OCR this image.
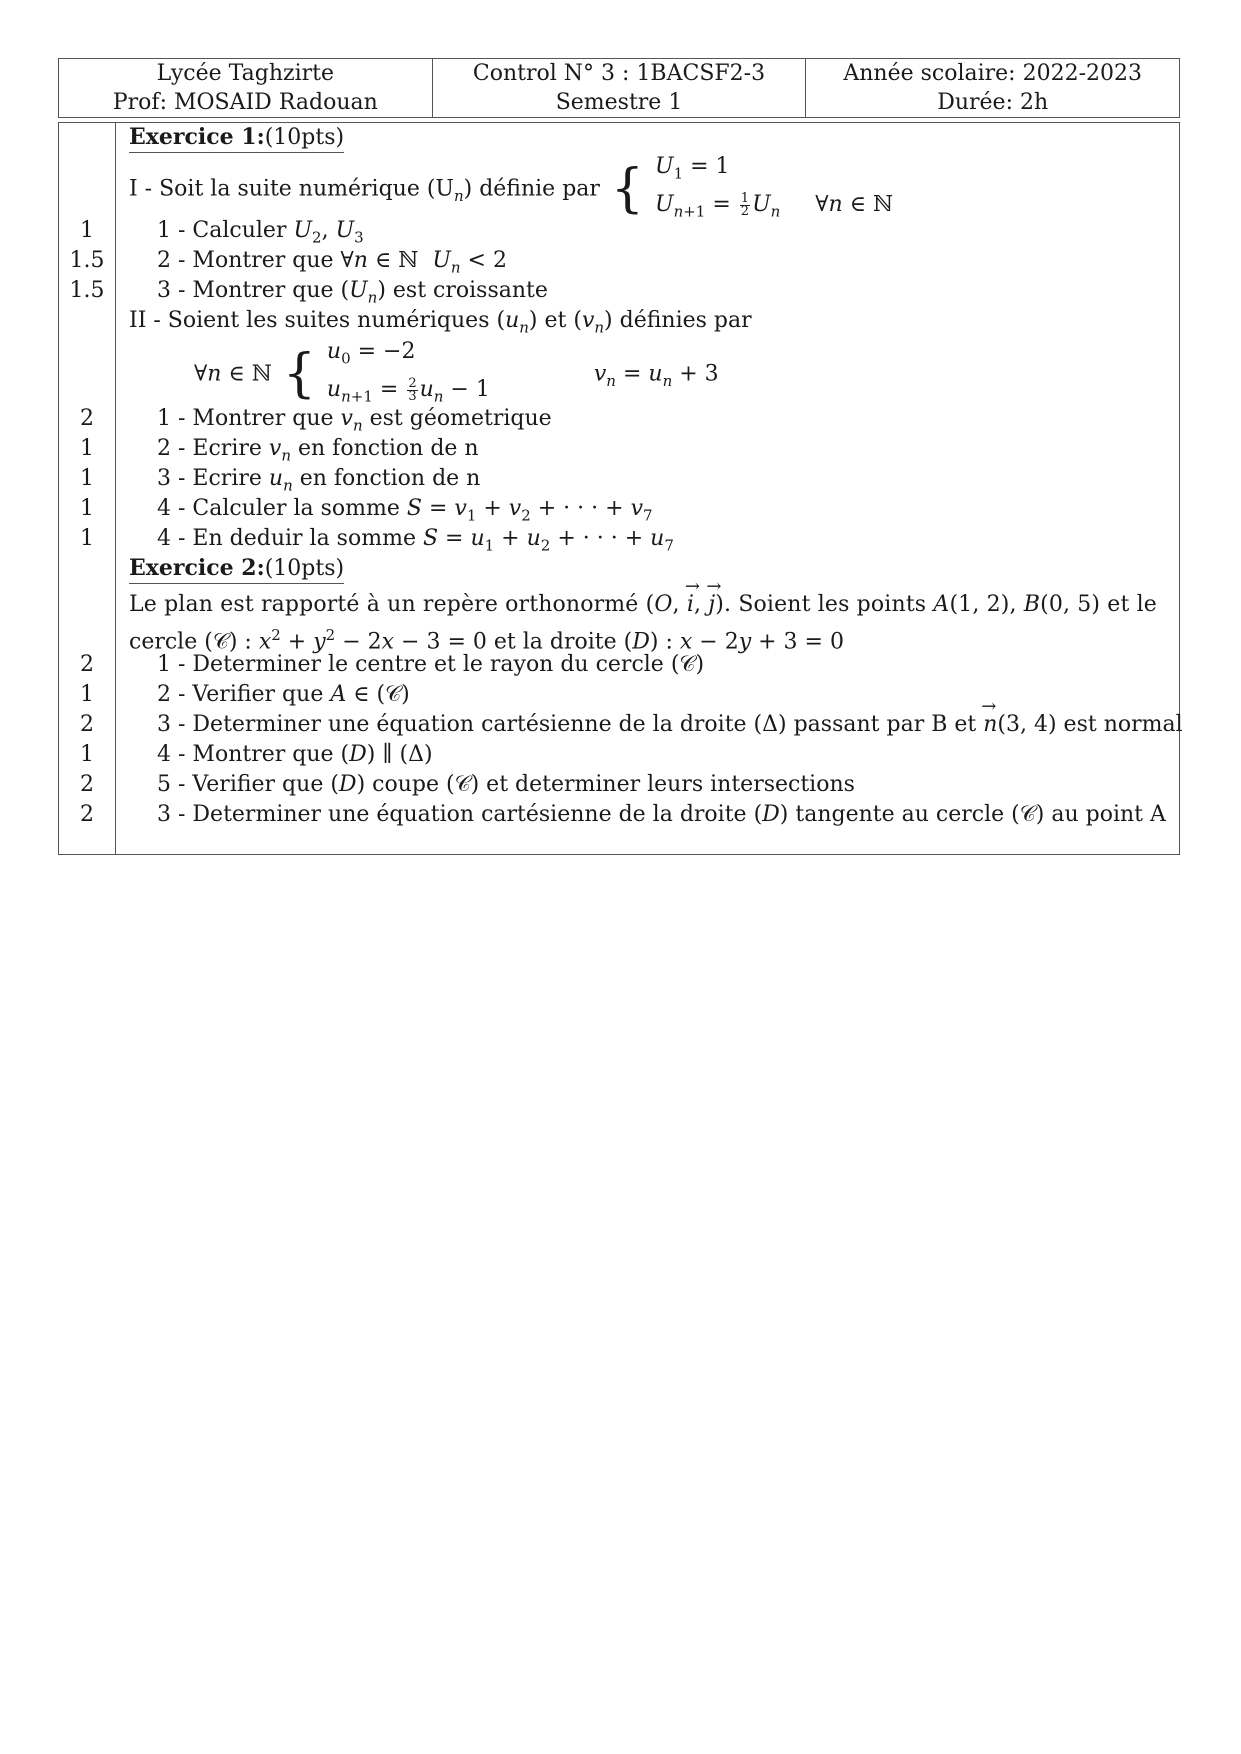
Lycée Taghzirte
Prof: MOSAID Radouan
Control N° 3 : 1BACSF2-3
Semestre 1
Année scolaire: 2022-2023
Durée: 2h
Exercice 1:(10pts)
I - Soit la suite numérique $(U_n)$ définie par { $U_1 = 1$
$U_{n+1} = \frac{1}{2} U_n$     ∀n ∈ ℕ
1	1 - Calculer $U_2$, $U_3$
1.5	2 - Montrer que ∀n ∈ ℕ  $U_n < 2$
1.5	3 - Montrer que $(U_n)$ est croissante
II - Soient les suites numériques $(u_n)$ et $(v_n)$ définies par
∀n ∈ ℕ { $u_0 = -2$
$u_{n+1} = \frac{2}{3} u_n - 1$  $v_n = u_n + 3$
2	1 - Montrer que $v_n$ est géometrique
1	2 - Ecrire $v_n$ en fonction de n
1	3 - Ecrire $u_n$ en fonction de n
1	4 - Calculer la somme $S = v_1 + v_2$ + · · · + $v_7$
1	4 - En deduir la somme $S = u_1 + u_2$ + · · · + $u_7$
Exercice 2:(10pts)
Le plan est rapporté à un repère orthonormé (O, → i, → j). Soient les points A(1, 2), B(0, 5) et le
cercle (𝒞) : $x^2 + y^2 - 2x - 3 = 0$ et la droite (D) : x − 2y + 3 = 0
2	1 - Determiner le centre et le rayon du cercle (𝒞)
1	2 - Verifier que A ∈ (𝒞)
2	3 - Determiner une équation cartésienne de la droite (Δ) passant par B et → n(3, 4) est normal
1	4 - Montrer que (D) ∥ (Δ)
2	5 - Verifier que (D) coupe (𝒞) et determiner leurs intersections
2	3 - Determiner une équation cartésienne de la droite (D) tangente au cercle (𝒞) au point A
